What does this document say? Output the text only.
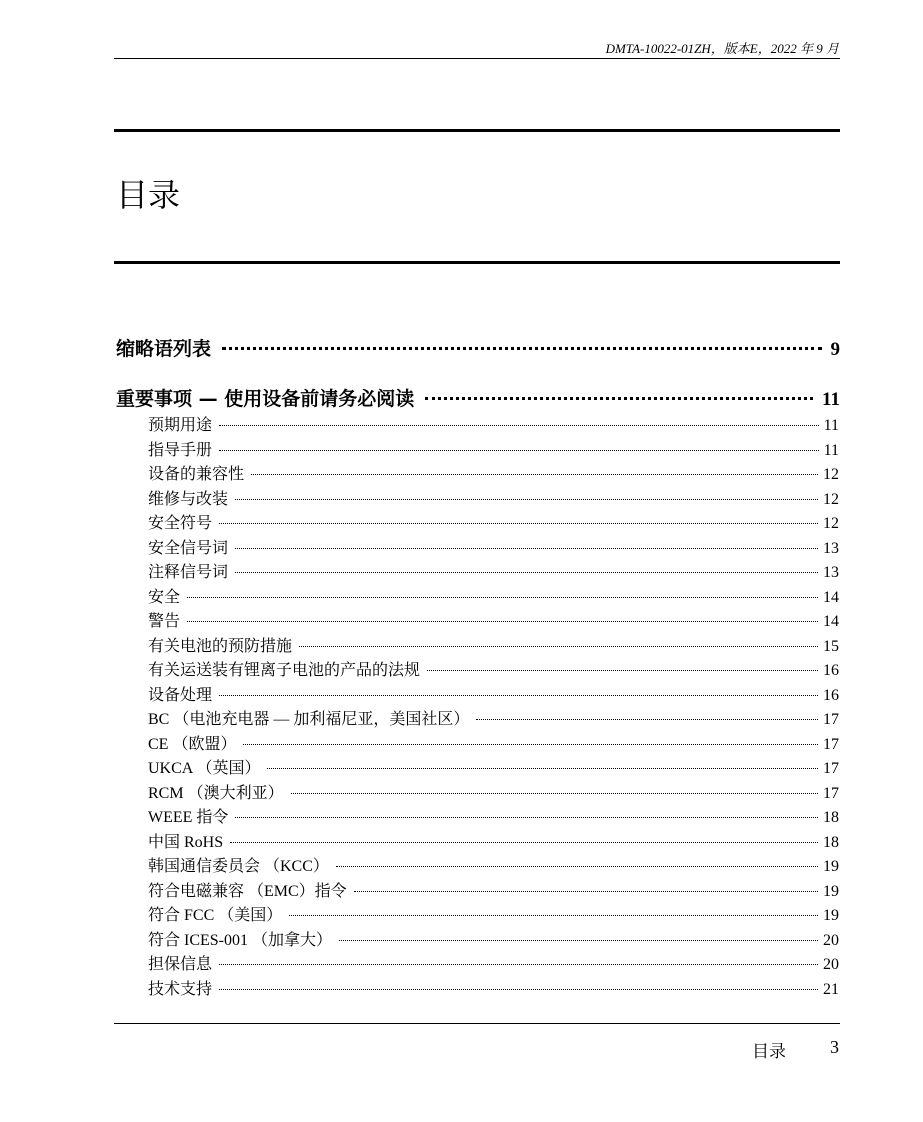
DMTA-10022-01ZH，版本E，2022 年 9 月
目录
缩略语列表	9
重要事项 — 使用设备前请务必阅读	11
预期用途	11
指导手册	11
设备的兼容性	12
维修与改装	12
安全符号	12
安全信号词	13
注释信号词	13
安全	14
警告	14
有关电池的预防措施	15
有关运送装有锂离子电池的产品的法规	16
设备处理	16
BC （电池充电器 — 加利福尼亚，美国社区）	17
CE （欧盟）	17
UKCA （英国）	17
RCM （澳大利亚）	17
WEEE 指令	18
中国 RoHS	18
韩国通信委员会 （KCC）	19
符合电磁兼容 （EMC）指令	19
符合 FCC （美国）	19
符合 ICES-001 （加拿大）	20
担保信息	20
技术支持	21
目录 3
